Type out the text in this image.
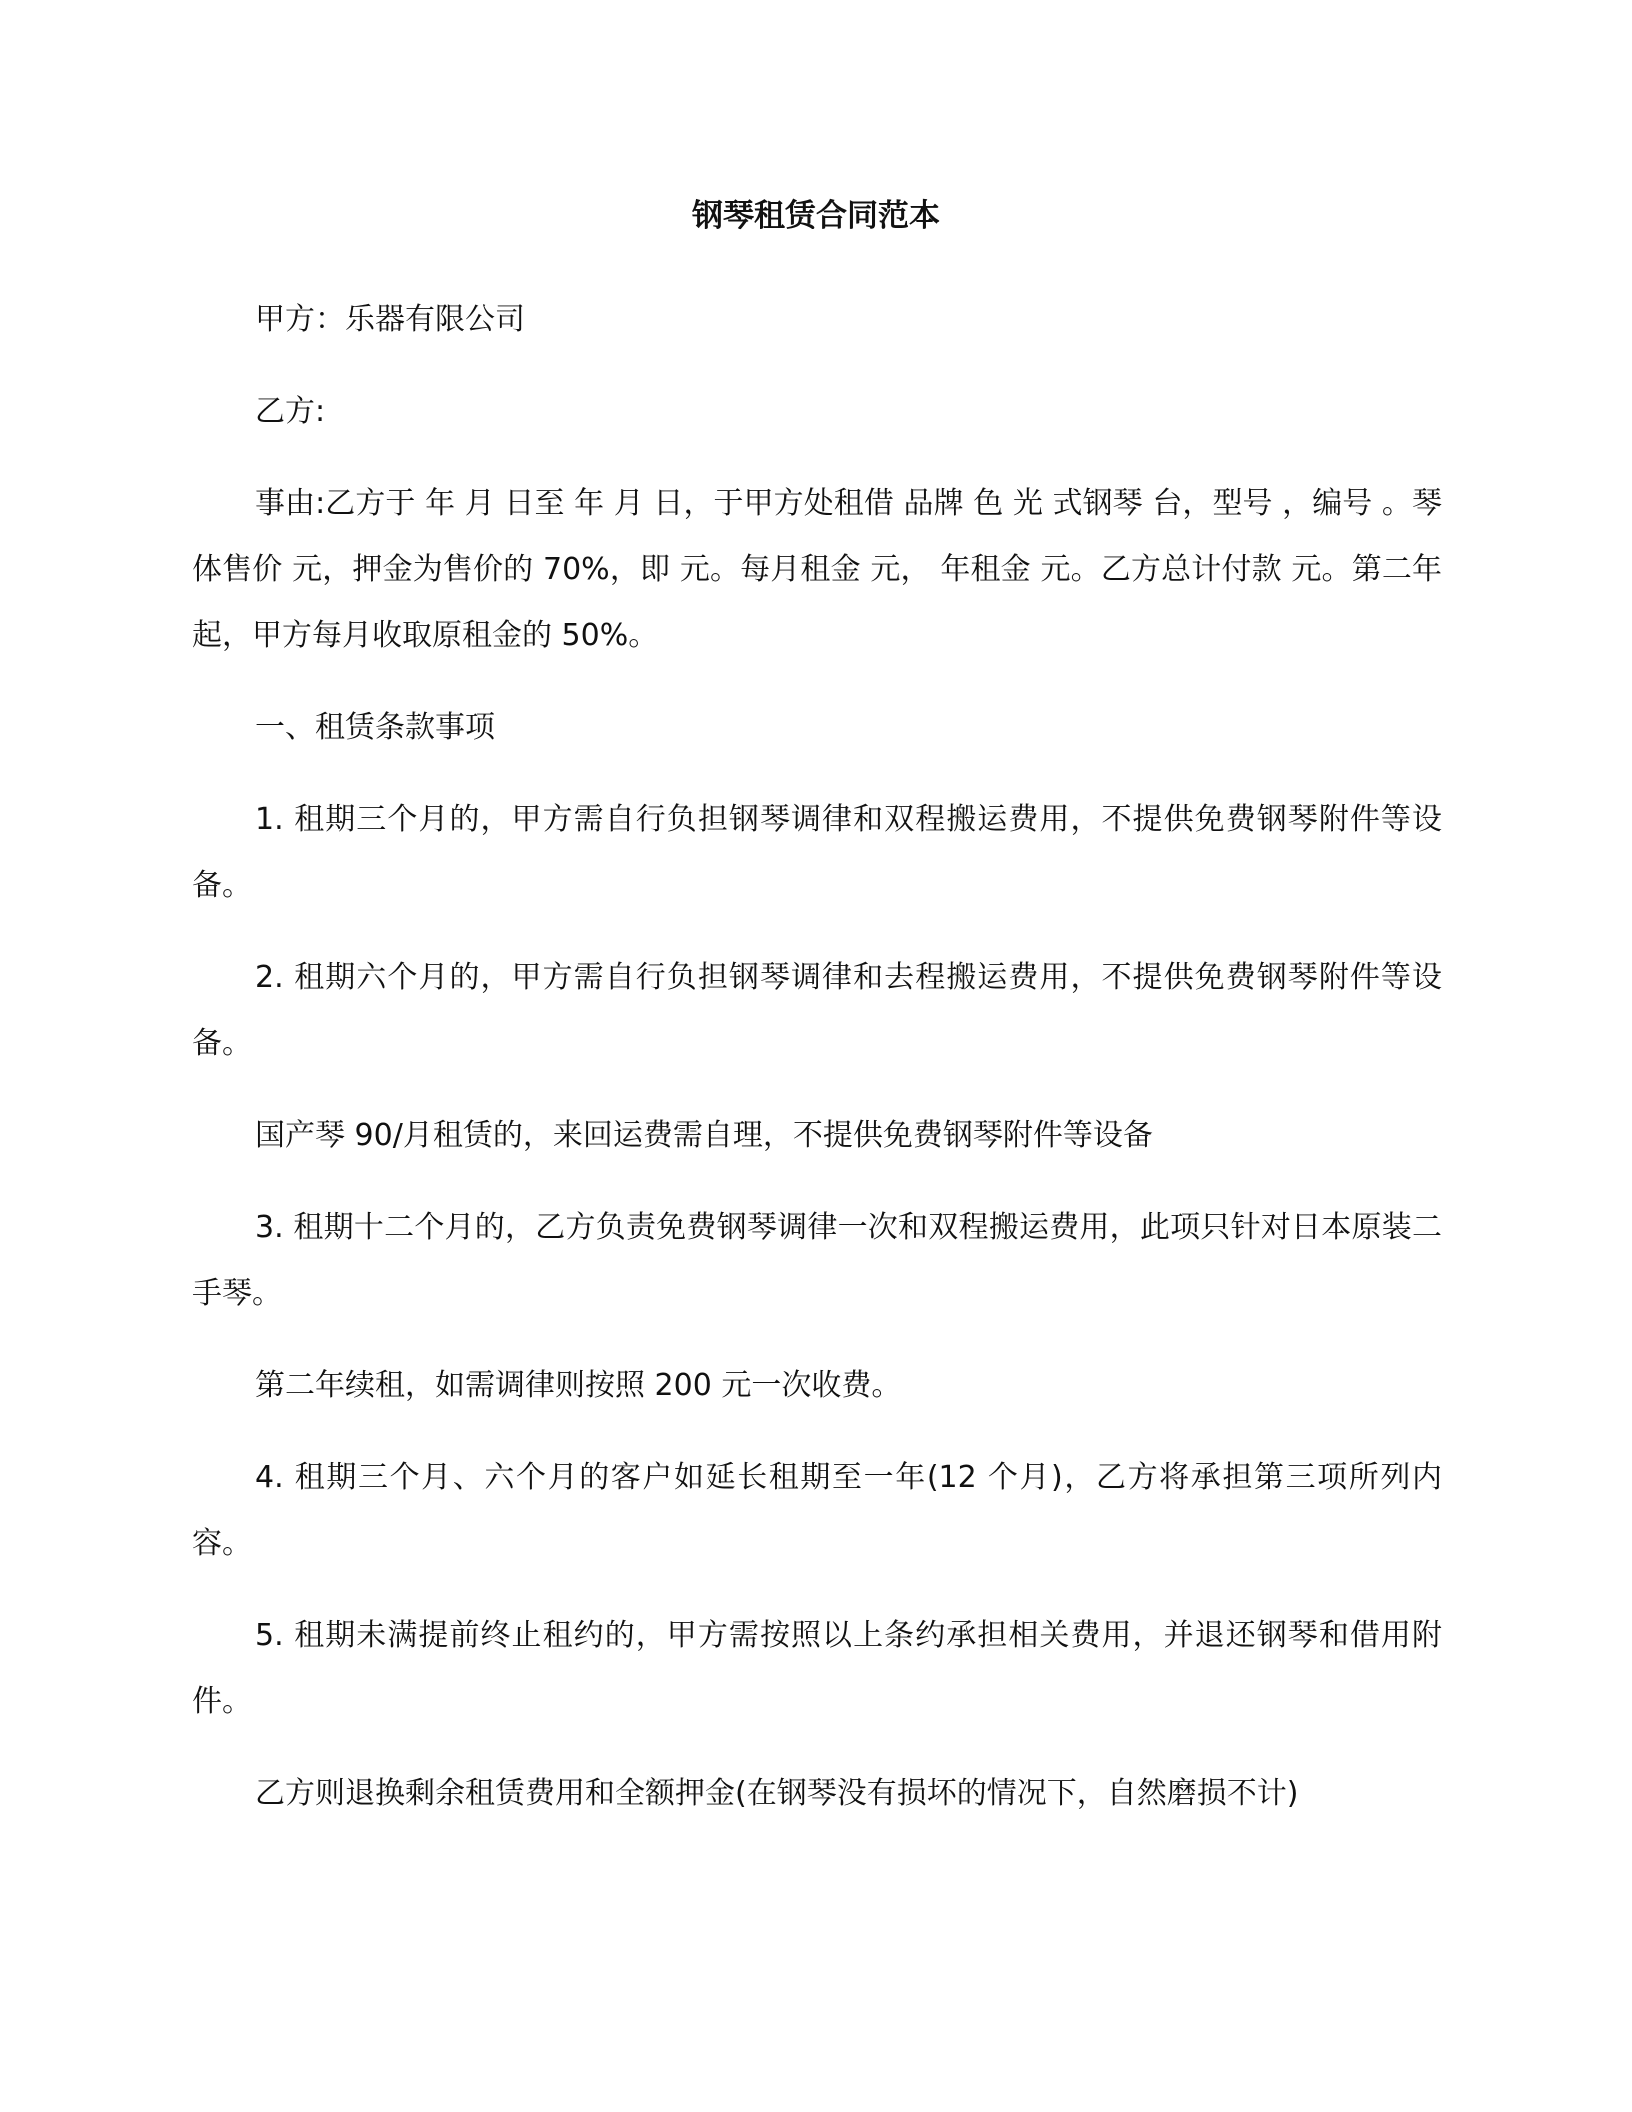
钢琴租赁合同范本

甲方：乐器有限公司

乙方:

事由:乙方于 年 月 日至 年 月 日，于甲方处租借 品牌 色 光 式钢琴 台，型号 ，编号 。琴体售价 元，押金为售价的 70%，即 元。每月租金 元， 年租金 元。乙方总计付款 元。第二年起，甲方每月收取原租金的 50%。

一、租赁条款事项

1. 租期三个月的，甲方需自行负担钢琴调律和双程搬运费用，不提供免费钢琴附件等设备。

2. 租期六个月的，甲方需自行负担钢琴调律和去程搬运费用，不提供免费钢琴附件等设备。

国产琴 90/月租赁的，来回运费需自理，不提供免费钢琴附件等设备

3. 租期十二个月的，乙方负责免费钢琴调律一次和双程搬运费用，此项只针对日本原装二手琴。

第二年续租，如需调律则按照 200 元一次收费。

4. 租期三个月、六个月的客户如延长租期至一年(12 个月)，乙方将承担第三项所列内容。

5. 租期未满提前终止租约的，甲方需按照以上条约承担相关费用，并退还钢琴和借用附件。

乙方则退换剩余租赁费用和全额押金(在钢琴没有损坏的情况下，自然磨损不计)
